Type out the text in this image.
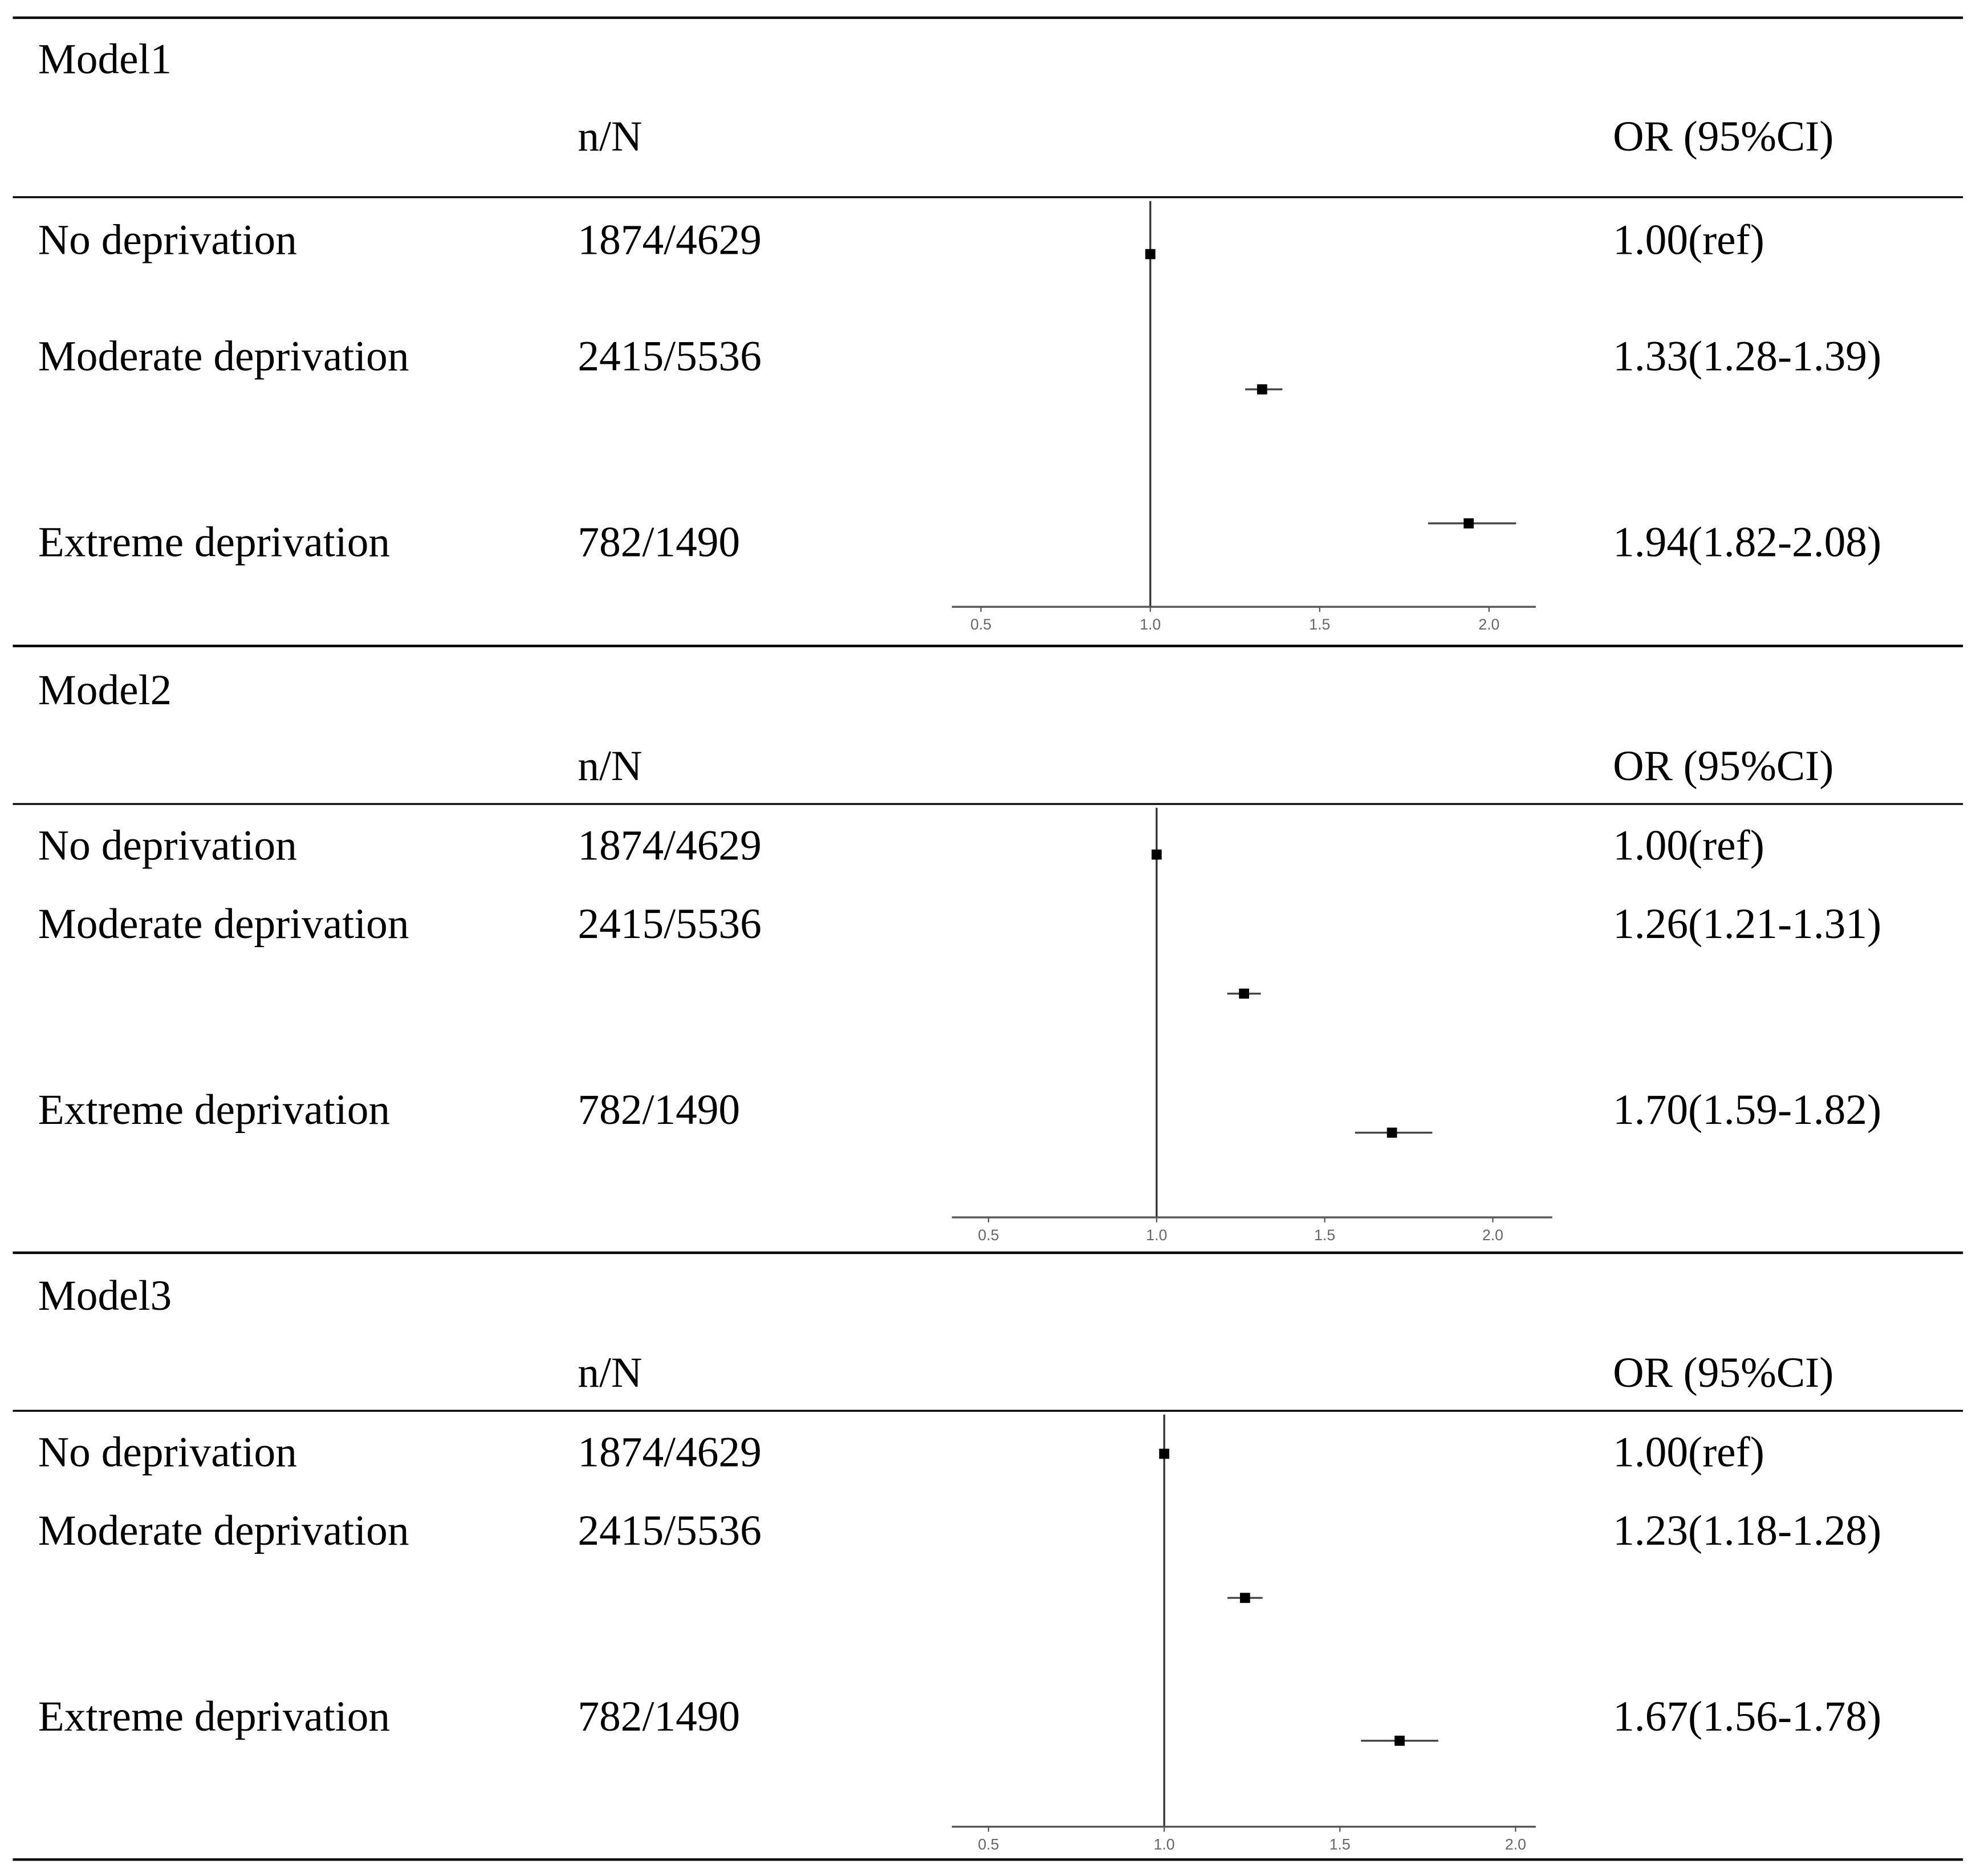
Model1
n/N	OR (95%CI)
0.5	1.0	1.5	2.0
No deprivation	1874/4629	1.00(ref)
Moderate deprivation	2415/5536	1.33(1.28-1.39)
Extreme deprivation	782/1490	1.94(1.82-2.08)
Model2
n/N	OR (95%CI)
0.5	1.0	1.5	2.0
No deprivation	1874/4629	1.00(ref)
Moderate deprivation	2415/5536	1.26(1.21-1.31)
Extreme deprivation	782/1490	1.70(1.59-1.82)
Model3
n/N	OR (95%CI)
0.5	1.0	1.5	2.0
No deprivation	1874/4629	1.00(ref)
Moderate deprivation	2415/5536	1.23(1.18-1.28)
Extreme deprivation	782/1490	1.67(1.56-1.78)
